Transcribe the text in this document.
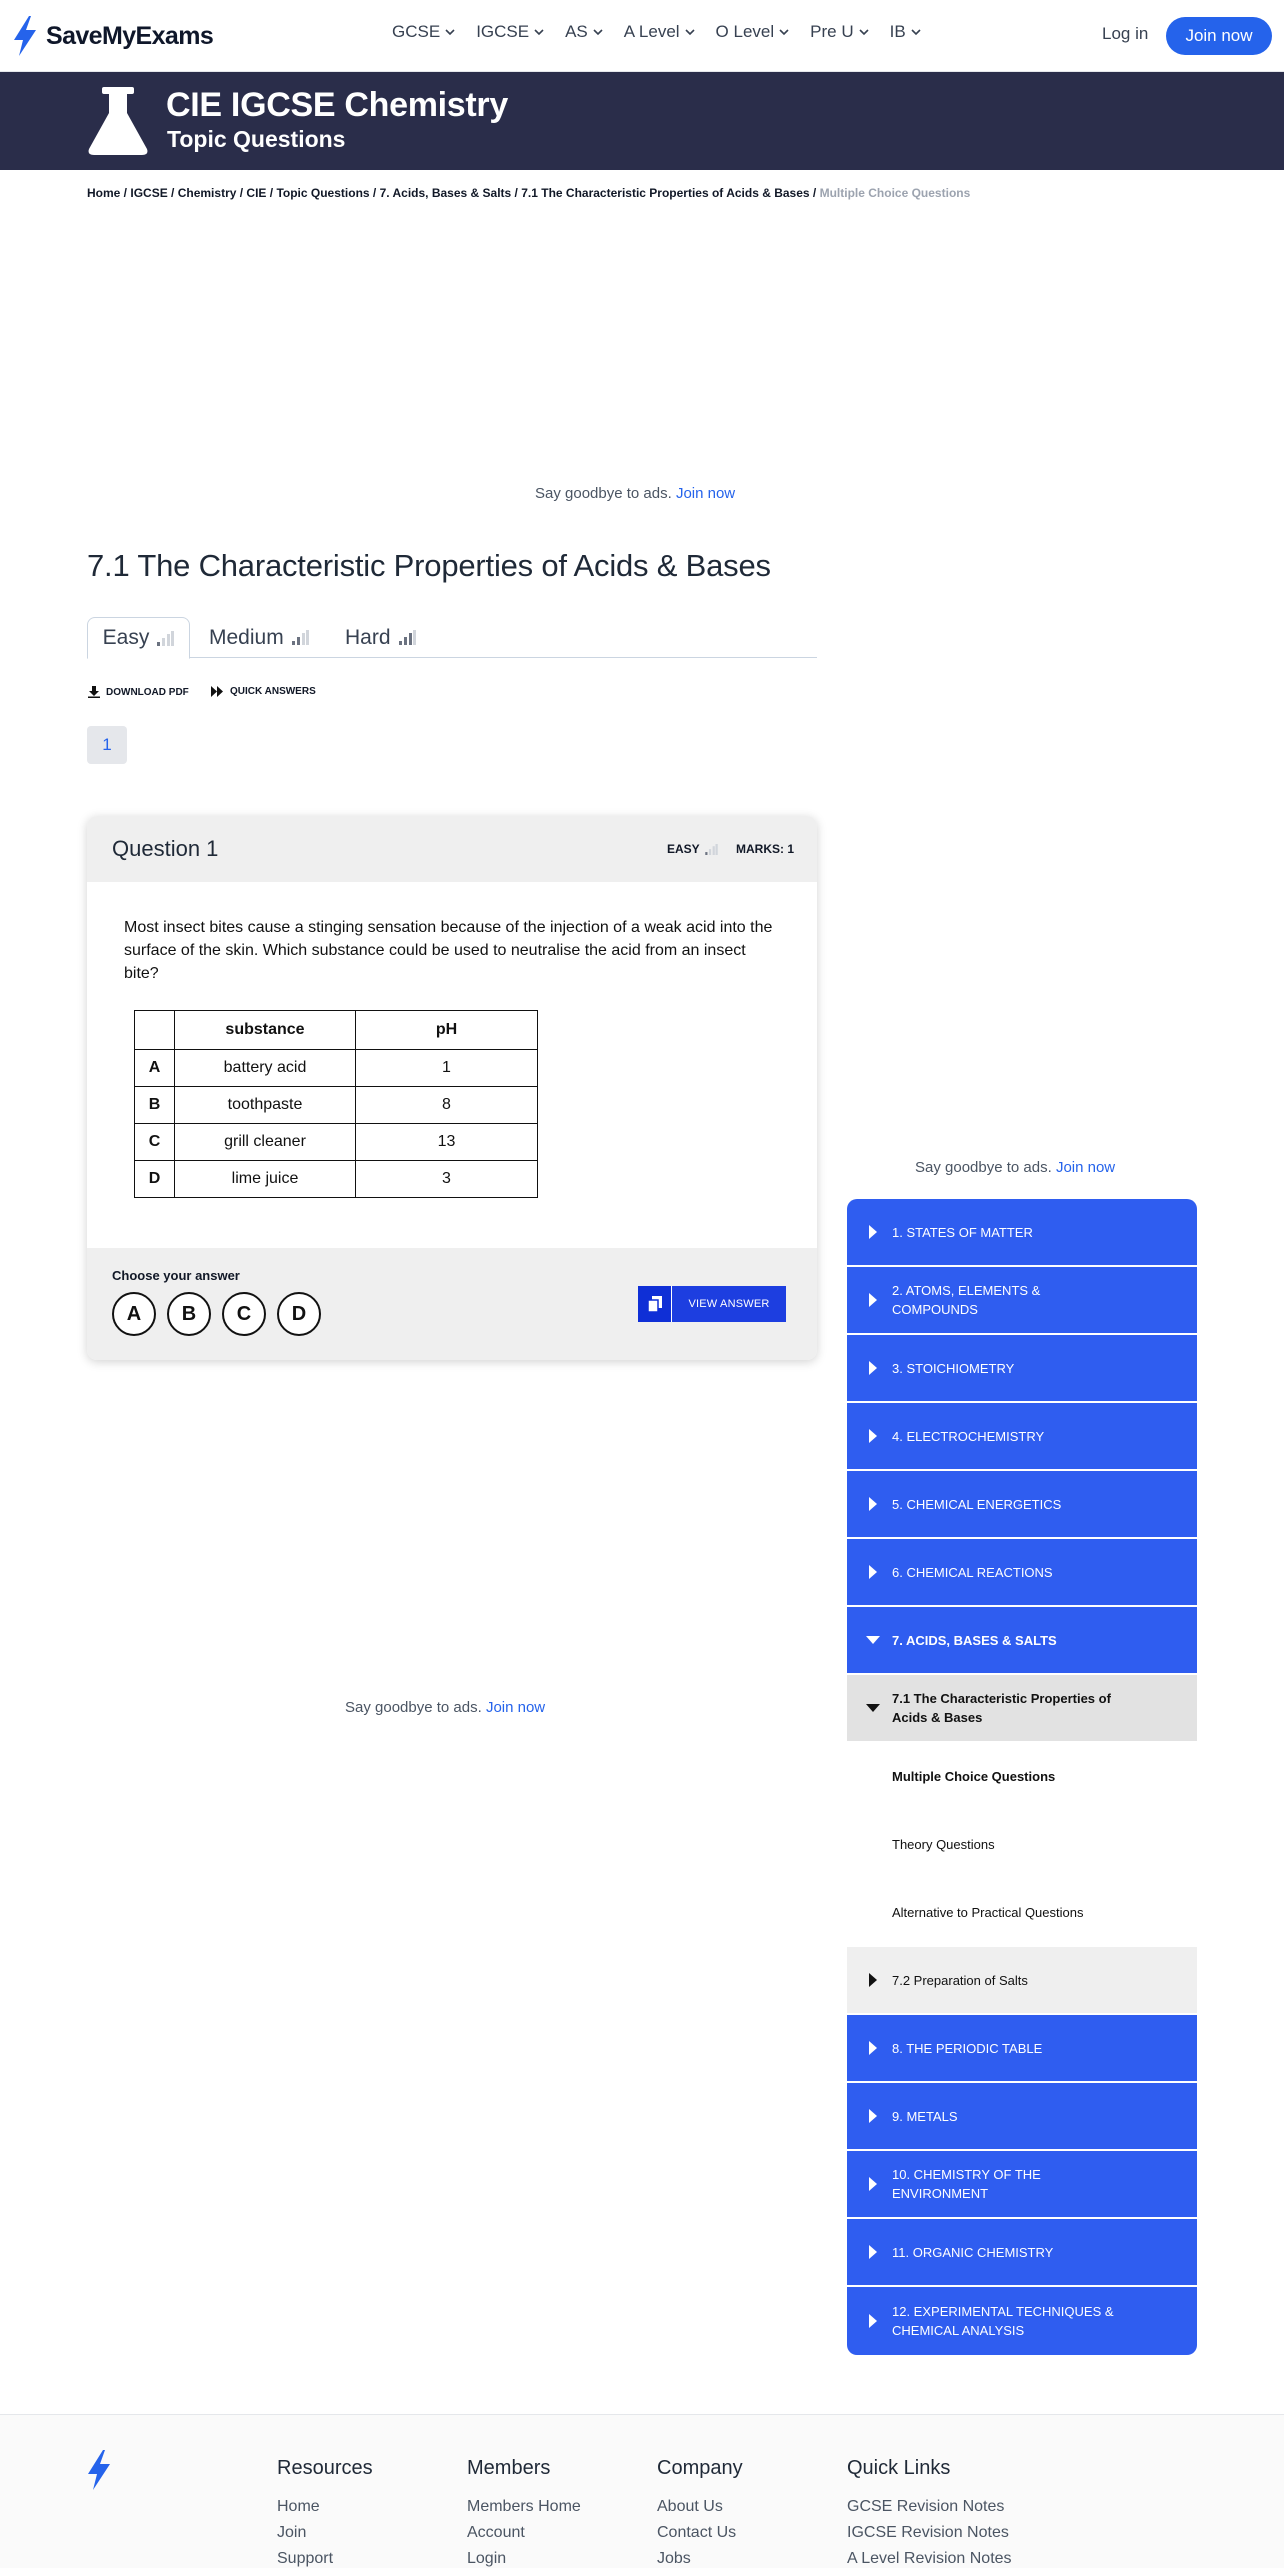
SaveMyExams	GCSE IGCSE AS A Level O Level Pre U IB	Log in	Join now
CIE IGCSE Chemistry
Topic Questions
Home / IGCSE / Chemistry / CIE / Topic Questions / 7. Acids, Bases & Salts / 7.1 The Characteristic Properties of Acids & Bases / Multiple Choice Questions
Say goodbye to ads. Join now
7.1 The Characteristic Properties of Acids & Bases
Easy	Medium	Hard
DOWNLOAD PDF	QUICK ANSWERS
1
Question 1	EASY	MARKS: 1
Most insect bites cause a stinging sensation because of the injection of a weak acid into the surface of the skin. Which substance could be used to neutralise the acid from an insect bite?
	substance	pH
A	battery acid	1
B	toothpaste	8
C	grill cleaner	13
D	lime juice	3
Choose your answer
A	B	C	D	VIEW ANSWER
Say goodbye to ads. Join now
Say goodbye to ads. Join now
1. STATES OF MATTER
2. ATOMS, ELEMENTS & COMPOUNDS
3. STOICHIOMETRY
4. ELECTROCHEMISTRY
5. CHEMICAL ENERGETICS
6. CHEMICAL REACTIONS
7. ACIDS, BASES & SALTS
7.1 The Characteristic Properties of Acids & Bases
Multiple Choice Questions
Theory Questions
Alternative to Practical Questions
7.2 Preparation of Salts
8. THE PERIODIC TABLE
9. METALS
10. CHEMISTRY OF THE ENVIRONMENT
11. ORGANIC CHEMISTRY
12. EXPERIMENTAL TECHNIQUES & CHEMICAL ANALYSIS
Resources
Home
Join
Support
Members
Members Home
Account
Login
Company
About Us
Contact Us
Jobs
Quick Links
GCSE Revision Notes
IGCSE Revision Notes
A Level Revision Notes
